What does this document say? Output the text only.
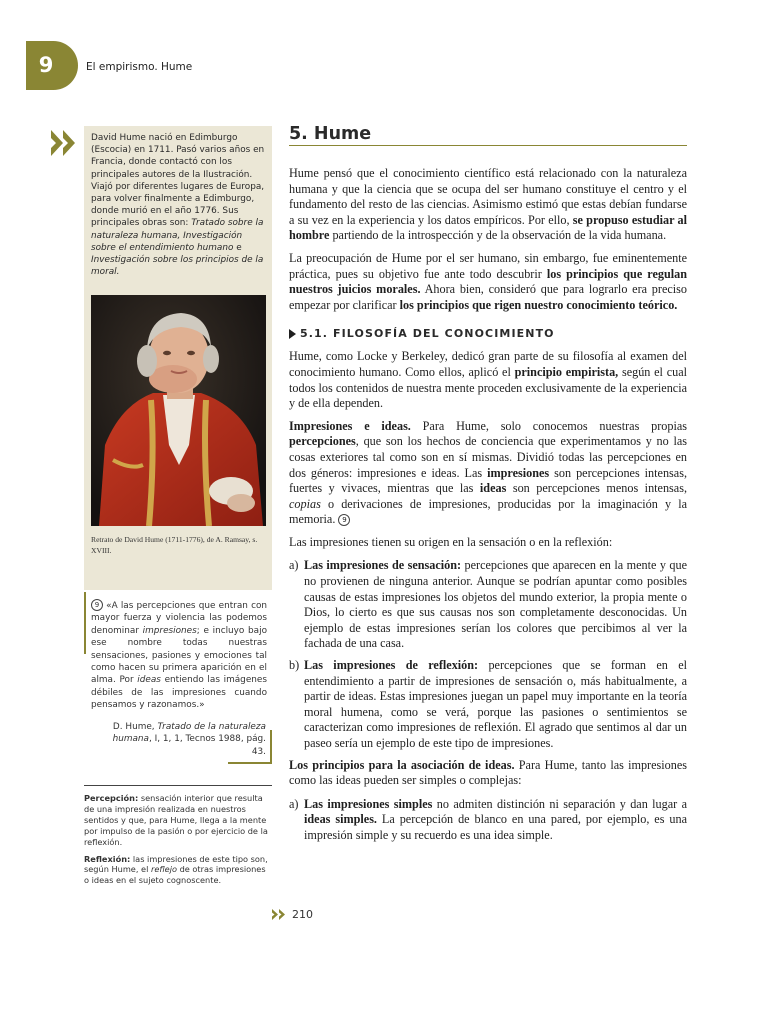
9	El empirismo. Hume
David Hume nació en Edimburgo (Escocia) en 1711. Pasó varios años en Francia, donde contactó con los principales autores de la Ilustración. Viajó por diferentes lugares de Europa, para volver finalmente a Edimburgo, donde murió en el año 1776. Sus principales obras son: Tratado sobre la naturaleza humana, Investigación sobre el entendimiento humano e Investigación sobre los principios de la moral.
Retrato de David Hume (1711-1776), de A. Ramsay, s. XVIII.
9 «A las percepciones que entran con mayor fuerza y violencia las podemos denominar impresiones; e incluyo bajo ese nombre todas nuestras sensaciones, pasiones y emociones tal como hacen su primera aparición en el alma. Por ideas entiendo las imágenes débiles de las impresiones cuando pensamos y razonamos.»
D. Hume, Tratado de la naturaleza humana, I, 1, 1, Tecnos 1988, pág. 43.

Percepción: sensación interior que resulta de una impresión realizada en nuestros sentidos y que, para Hume, llega a la mente por impulso de la pasión o por ejercicio de la reflexión.

Reflexión: las impresiones de este tipo son, según Hume, el reflejo de otras impresiones o ideas en el sujeto cognoscente.

5. Hume

Hume pensó que el conocimiento científico está relacionado con la naturaleza humana y que la ciencia que se ocupa del ser humano constituye el centro y el fundamento del resto de las ciencias. Asimismo estimó que estas debían fundarse a su vez en la experiencia y los datos empíricos. Por ello, se propuso estudiar al hombre partiendo de la introspección y de la observación de la vida humana.

La preocupación de Hume por el ser humano, sin embargo, fue eminentemente práctica, pues su objetivo fue ante todo descubrir los principios que regulan nuestros juicios morales. Ahora bien, consideró que para lograrlo era preciso empezar por clarificar los principios que rigen nuestro conocimiento teórico.

5.1. FILOSOFÍA DEL CONOCIMIENTO

Hume, como Locke y Berkeley, dedicó gran parte de su filosofía al examen del conocimiento humano. Como ellos, aplicó el principio empirista, según el cual todos los contenidos de nuestra mente proceden exclusivamente de la experiencia y de ella dependen.

Impresiones e ideas. Para Hume, solo conocemos nuestras propias percepciones, que son los hechos de conciencia que experimentamos y no las cosas exteriores tal como son en sí mismas. Dividió todas las percepciones en dos géneros: impresiones e ideas. Las impresiones son percepciones intensas, fuertes y vivaces, mientras que las ideas son percepciones menos intensas, copias o derivaciones de impresiones, producidas por la imaginación y la memoria. 9

Las impresiones tienen su origen en la sensación o en la reflexión:

a) Las impresiones de sensación: percepciones que aparecen en la mente y que no provienen de ninguna anterior. Aunque se podrían apuntar como posibles causas de estas impresiones los objetos del mundo exterior, la propia mente o Dios, lo cierto es que sus causas nos son completamente desconocidas. Un ejemplo de estas impresiones serían los colores que percibimos al ver la fachada de una casa.

b) Las impresiones de reflexión: percepciones que se forman en el entendimiento a partir de impresiones de sensación o, más habitualmente, a partir de ideas. Estas impresiones juegan un papel muy importante en la teoría moral humena, como se verá, porque las pasiones o sentimientos se caracterizan como impresiones de reflexión. El agrado que sentimos al dar un paseo sería un ejemplo de este tipo de impresiones.

Los principios para la asociación de ideas. Para Hume, tanto las impresiones como las ideas pueden ser simples o complejas:

a) Las impresiones simples no admiten distinción ni separación y dan lugar a ideas simples. La percepción de blanco en una pared, por ejemplo, es una impresión simple y su recuerdo es una idea simple.

210
